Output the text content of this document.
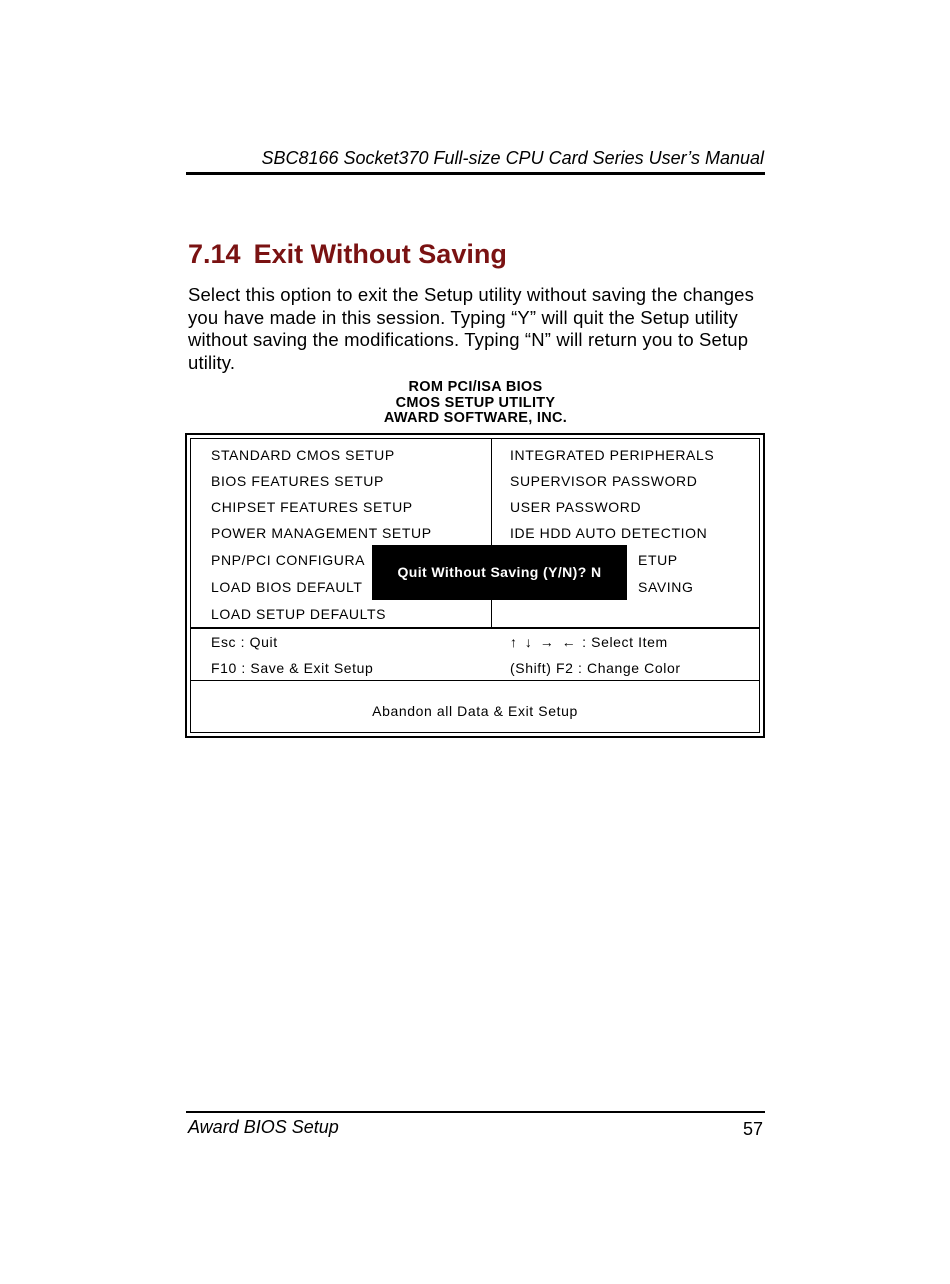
SBC8166 Socket370 Full-size CPU Card Series User’s Manual
7.14 Exit Without Saving

Select this option to exit the Setup utility without saving the changes you have made in this session. Typing “Y” will quit the Setup utility without saving the modifications. Typing “N” will return you to Setup utility.

ROM PCI/ISA BIOS
CMOS SETUP UTILITY
AWARD SOFTWARE, INC.
STANDARD CMOS SETUP
BIOS FEATURES SETUP
CHIPSET FEATURES SETUP
POWER MANAGEMENT SETUP
PNP/PCI CONFIGURA
LOAD BIOS DEFAULT
LOAD SETUP DEFAULTS
INTEGRATED PERIPHERALS
SUPERVISOR PASSWORD
USER PASSWORD
IDE HDD AUTO DETECTION
ETUP
SAVING
Quit Without Saving (Y/N)? N
Esc : Quit
F10 : Save & Exit Setup
↑ ↓ → ← : Select Item
(Shift) F2 : Change Color
Abandon all Data & Exit Setup
Award BIOS Setup	57
